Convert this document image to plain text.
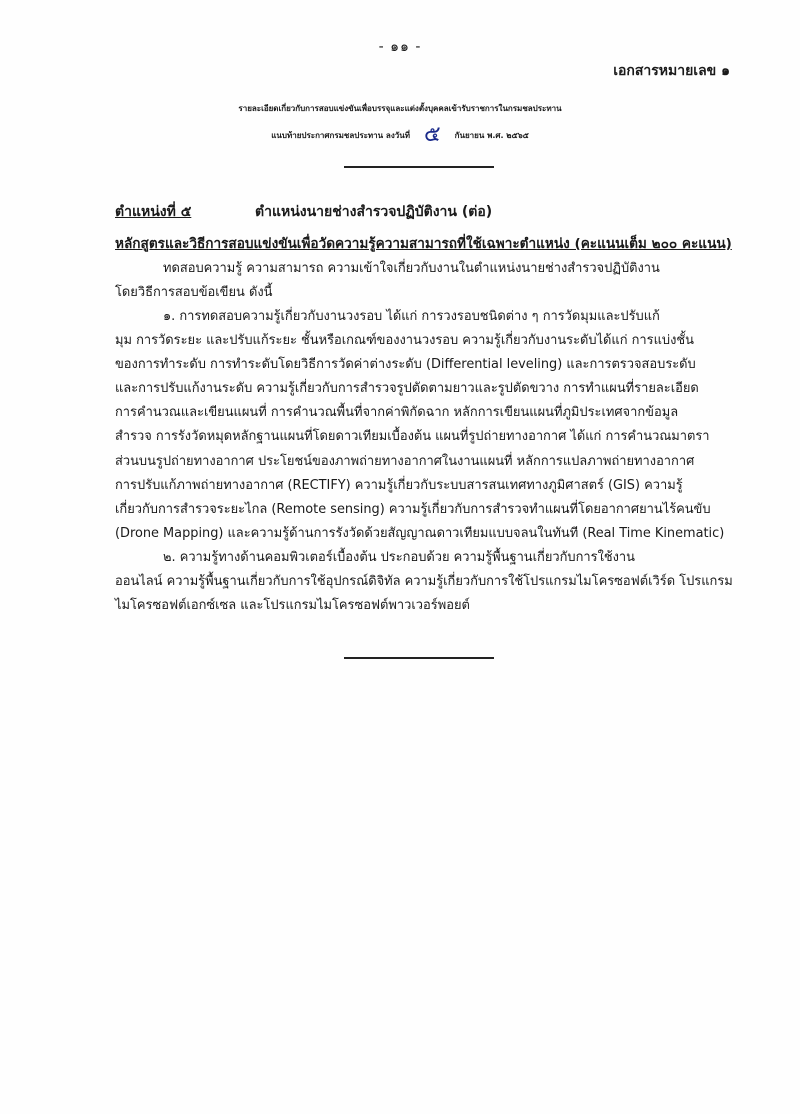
- ๑๑ -
เอกสารหมายเลข ๑
รายละเอียดเกี่ยวกับการสอบแข่งขันเพื่อบรรจุและแต่งตั้งบุคคลเข้ารับราชการในกรมชลประทาน
แนบท้ายประกาศกรมชลประทาน ลงวันที่ ๕ กันยายน พ.ศ. ๒๕๖๕
ตำแหน่งที่ ๕	ตำแหน่งนายช่างสำรวจปฏิบัติงาน (ต่อ)
หลักสูตรและวิธีการสอบแข่งขันเพื่อวัดความรู้ความสามารถที่ใช้เฉพาะตำแหน่ง (คะแนนเต็ม ๒๐๐ คะแนน)
ทดสอบความรู้ ความสามารถ ความเข้าใจเกี่ยวกับงานในตำแหน่งนายช่างสำรวจปฏิบัติงาน
โดยวิธีการสอบข้อเขียน ดังนี้
๑. การทดสอบความรู้เกี่ยวกับงานวงรอบ ได้แก่ การวงรอบชนิดต่าง ๆ การวัดมุมและปรับแก้
มุม การวัดระยะ และปรับแก้ระยะ ชั้นหรือเกณฑ์ของงานวงรอบ ความรู้เกี่ยวกับงานระดับได้แก่ การแบ่งชั้น
ของการทำระดับ การทำระดับโดยวิธีการวัดค่าต่างระดับ (Differential leveling) และการตรวจสอบระดับ
และการปรับแก้งานระดับ ความรู้เกี่ยวกับการสำรวจรูปตัดตามยาวและรูปตัดขวาง การทำแผนที่รายละเอียด
การคำนวณและเขียนแผนที่ การคำนวณพื้นที่จากค่าพิกัดฉาก หลักการเขียนแผนที่ภูมิประเทศจากข้อมูล
สำรวจ การรังวัดหมุดหลักฐานแผนที่โดยดาวเทียมเบื้องต้น แผนที่รูปถ่ายทางอากาศ ได้แก่ การคำนวณมาตรา
ส่วนบนรูปถ่ายทางอากาศ ประโยชน์ของภาพถ่ายทางอากาศในงานแผนที่ หลักการแปลภาพถ่ายทางอากาศ
การปรับแก้ภาพถ่ายทางอากาศ (RECTIFY) ความรู้เกี่ยวกับระบบสารสนเทศทางภูมิศาสตร์ (GIS) ความรู้
เกี่ยวกับการสำรวจระยะไกล (Remote sensing) ความรู้เกี่ยวกับการสำรวจทำแผนที่โดยอากาศยานไร้คนขับ
(Drone Mapping) และความรู้ด้านการรังวัดด้วยสัญญาณดาวเทียมแบบจลนในทันที (Real Time Kinematic)
๒. ความรู้ทางด้านคอมพิวเตอร์เบื้องต้น ประกอบด้วย ความรู้พื้นฐานเกี่ยวกับการใช้งาน
ออนไลน์ ความรู้พื้นฐานเกี่ยวกับการใช้อุปกรณ์ดิจิทัล ความรู้เกี่ยวกับการใช้โปรแกรมไมโครซอฟต์เวิร์ด โปรแกรม
ไมโครซอฟต์เอกซ์เซล และโปรแกรมไมโครซอฟต์พาวเวอร์พอยต์
